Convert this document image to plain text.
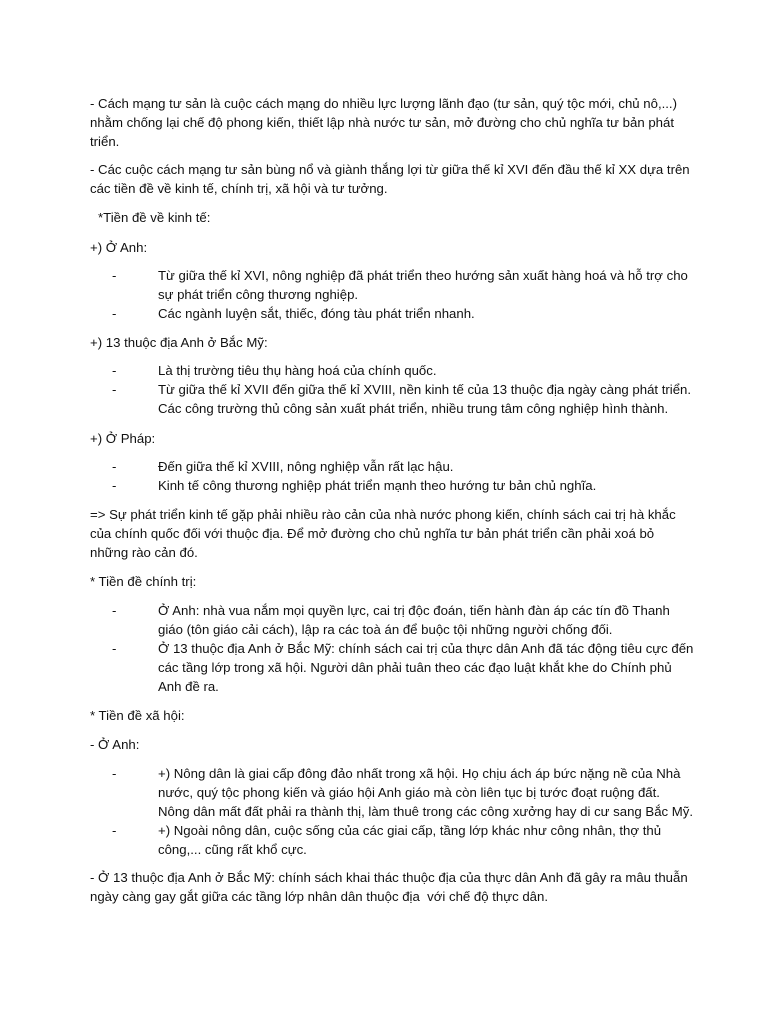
- Cách mạng tư sản là cuộc cách mạng do nhiều lực lượng lãnh đạo (tư sản, quý tộc mới, chủ nô,...) nhằm chống lại chế độ phong kiến, thiết lập nhà nước tư sản, mở đường cho chủ nghĩa tư bản phát triển.

- Các cuộc cách mạng tư sản bùng nổ và giành thắng lợi từ giữa thế kỉ XVI đến đầu thế kỉ XX dựa trên các tiền đề về kinh tế, chính trị, xã hội và tư tưởng.

*Tiền đề về kinh tế:

+) Ở Anh:

-	Từ giữa thế kỉ XVI, nông nghiệp đã phát triển theo hướng sản xuất hàng hoá và hỗ trợ cho sự phát triển công thương nghiệp.
-	Các ngành luyện sắt, thiếc, đóng tàu phát triển nhanh.

+) 13 thuộc địa Anh ở Bắc Mỹ:

-	Là thị trường tiêu thụ hàng hoá của chính quốc.
-	Từ giữa thế kỉ XVII đến giữa thế kỉ XVIII, nền kinh tế của 13 thuộc địa ngày càng phát triển. Các công trường thủ công sản xuất phát triển, nhiều trung tâm công nghiệp hình thành.

+) Ở Pháp:

-	Đến giữa thế kỉ XVIII, nông nghiệp vẫn rất lạc hậu.
-	Kinh tế công thương nghiệp phát triển mạnh theo hướng tư bản chủ nghĩa.

=> Sự phát triển kinh tế gặp phải nhiều rào cản của nhà nước phong kiến, chính sách cai trị hà khắc của chính quốc đối với thuộc địa. Để mở đường cho chủ nghĩa tư bản phát triển cần phải xoá bỏ những rào cản đó.

* Tiền đề chính trị:

-	Ở Anh: nhà vua nắm mọi quyền lực, cai trị độc đoán, tiến hành đàn áp các tín đồ Thanh giáo (tôn giáo cải cách), lập ra các toà án để buộc tội những người chống đối.
-	Ở 13 thuộc địa Anh ở Bắc Mỹ: chính sách cai trị của thực dân Anh đã tác động tiêu cực đến các tầng lớp trong xã hội. Người dân phải tuân theo các đạo luật khắt khe do Chính phủ Anh đề ra.

* Tiền đề xã hội:

- Ở Anh:

-	+) Nông dân là giai cấp đông đảo nhất trong xã hội. Họ chịu ách áp bức nặng nề của Nhà nước, quý tộc phong kiến và giáo hội Anh giáo mà còn liên tục bị tước đoạt ruộng đất.  Nông dân mất đất phải ra thành thị, làm thuê trong các công xưởng hay di cư sang Bắc Mỹ.
-	+) Ngoài nông dân, cuộc sống của các giai cấp, tầng lớp khác như công nhân, thợ thủ công,... cũng rất khổ cực.

- Ở 13 thuộc địa Anh ở Bắc Mỹ: chính sách khai thác thuộc địa của thực dân Anh đã gây ra mâu thuẫn ngày càng gay gắt giữa các tầng lớp nhân dân thuộc địa  với chế độ thực dân.
